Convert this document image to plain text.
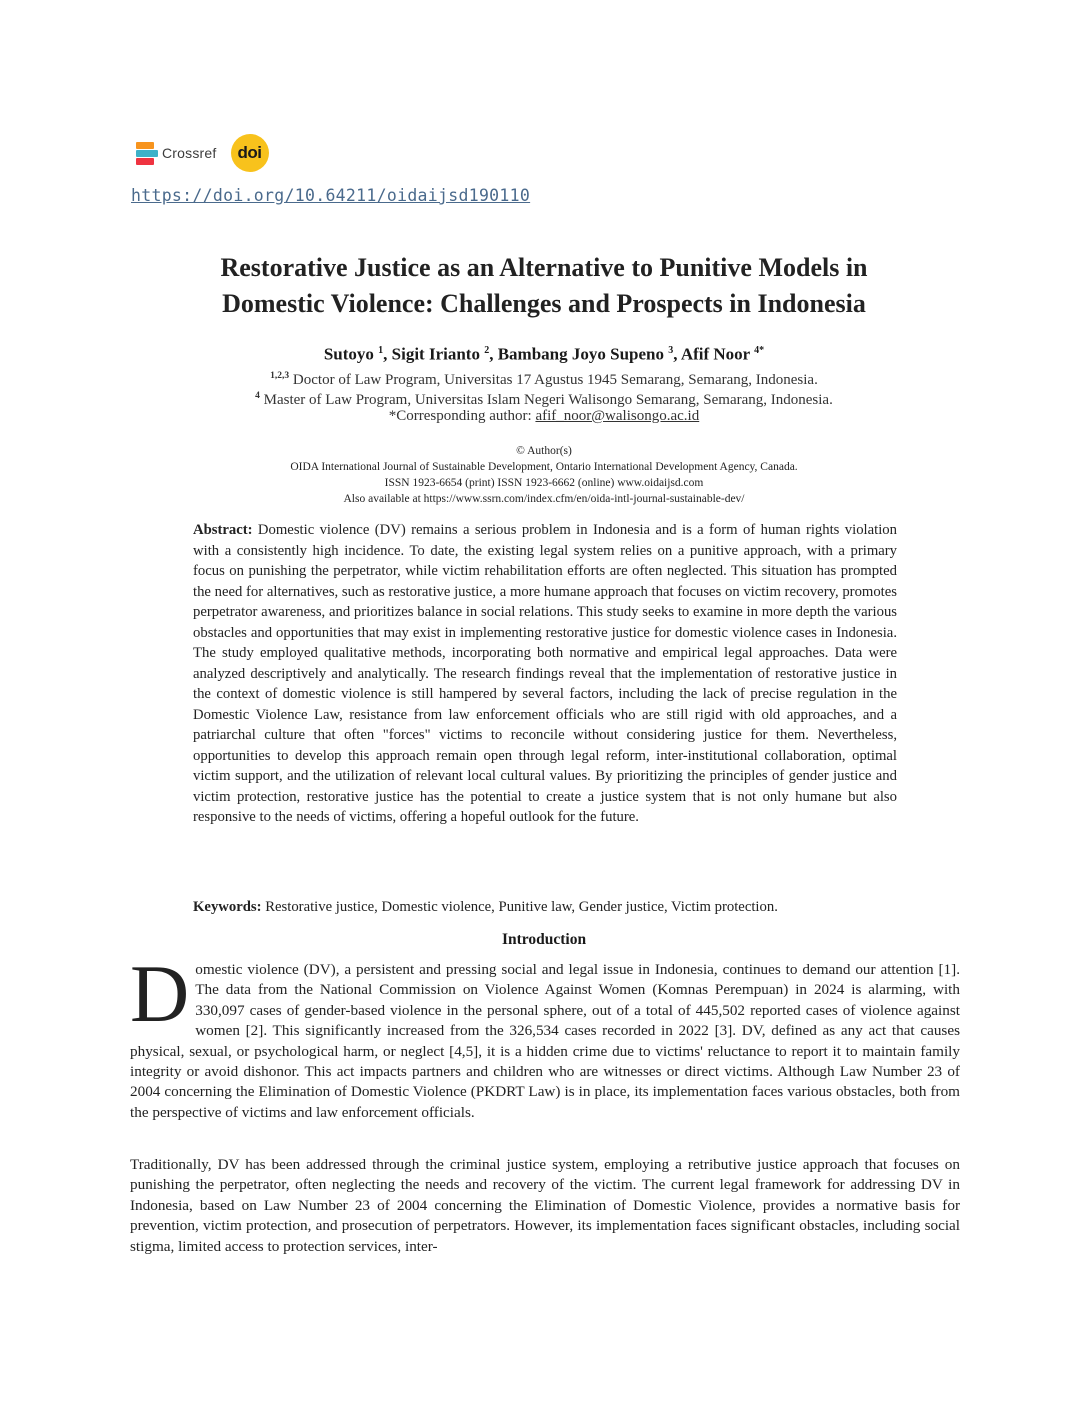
Crossref doi
https://doi.org/10.64211/oidaijsd190110
Restorative Justice as an Alternative to Punitive Models in
Domestic Violence: Challenges and Prospects in Indonesia
Sutoyo $^1$, Sigit Irianto $^2$, Bambang Joyo Supeno $^3$, Afif Noor $^{4*}$
$^{1,2,3}$ Doctor of Law Program, Universitas 17 Agustus 1945 Semarang, Semarang, Indonesia.
$^4$ Master of Law Program, Universitas Islam Negeri Walisongo Semarang, Semarang, Indonesia.
*Corresponding author: afif_noor@walisongo.ac.id
© Author(s)
OIDA International Journal of Sustainable Development, Ontario International Development Agency, Canada.
ISSN 1923-6654 (print) ISSN 1923-6662 (online) www.oidaijsd.com
Also available at https://www.ssrn.com/index.cfm/en/oida-intl-journal-sustainable-dev/

Abstract: Domestic violence (DV) remains a serious problem in Indonesia and is a form of human rights violation with a consistently high incidence. To date, the existing legal system relies on a punitive approach, with a primary focus on punishing the perpetrator, while victim rehabilitation efforts are often neglected. This situation has prompted the need for alternatives, such as restorative justice, a more humane approach that focuses on victim recovery, promotes perpetrator awareness, and prioritizes balance in social relations. This study seeks to examine in more depth the various obstacles and opportunities that may exist in implementing restorative justice for domestic violence cases in Indonesia. The study employed qualitative methods, incorporating both normative and empirical legal approaches. Data were analyzed descriptively and analytically. The research findings reveal that the implementation of restorative justice in the context of domestic violence is still hampered by several factors, including the lack of precise regulation in the Domestic Violence Law, resistance from law enforcement officials who are still rigid with old approaches, and a patriarchal culture that often "forces" victims to reconcile without considering justice for them. Nevertheless, opportunities to develop this approach remain open through legal reform, inter-institutional collaboration, optimal victim support, and the utilization of relevant local cultural values. By prioritizing the principles of gender justice and victim protection, restorative justice has the potential to create a justice system that is not only humane but also responsive to the needs of victims, offering a hopeful outlook for the future.

Keywords: Restorative justice, Domestic violence, Punitive law, Gender justice, Victim protection.
Introduction

Domestic violence (DV), a persistent and pressing social and legal issue in Indonesia, continues to demand our attention [1]. The data from the National Commission on Violence Against Women (Komnas Perempuan) in 2024 is alarming, with 330,097 cases of gender-based violence in the personal sphere, out of a total of 445,502 reported cases of violence against women [2]. This significantly increased from the 326,534 cases recorded in 2022 [3]. DV, defined as any act that causes physical, sexual, or psychological harm, or neglect [4,5], it is a hidden crime due to victims' reluctance to report it to maintain family integrity or avoid dishonor. This act impacts partners and children who are witnesses or direct victims. Although Law Number 23 of 2004 concerning the Elimination of Domestic Violence (PKDRT Law) is in place, its implementation faces various obstacles, both from the perspective of victims and law enforcement officials.

Traditionally, DV has been addressed through the criminal justice system, employing a retributive justice approach that focuses on punishing the perpetrator, often neglecting the needs and recovery of the victim. The current legal framework for addressing DV in Indonesia, based on Law Number 23 of 2004 concerning the Elimination of Domestic Violence, provides a normative basis for prevention, victim protection, and prosecution of perpetrators. However, its implementation faces significant obstacles, including social stigma, limited access to protection services, inter-
